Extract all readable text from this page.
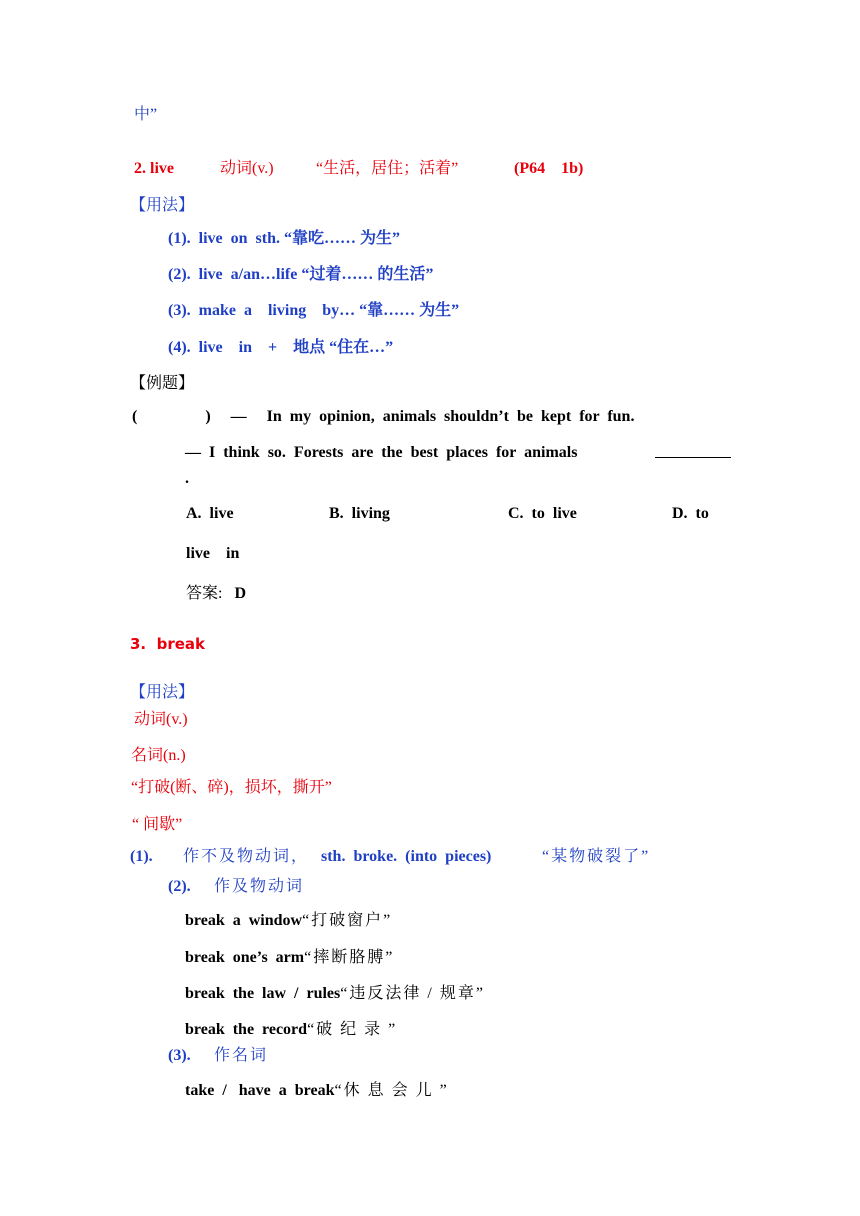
中”
2. live	动词(v.)	“生活，居住；活着”	(P64    1b)
【用法】
(1).  live  on  sth. “靠吃…… 为生”
(2).  live  a/an…life “过着…… 的生活”
(3).  make  a    living    by… “靠…… 为生”
(4).  live    in    +    地点 “住在…”
【例题】
(                 )     —     In  my  opinion,  animals  shouldn’t  be  kept  for  fun.
— I think so. Forests are the best places for animals
.
A.  live	B.  living	C.  to  live	D.  to
live    in
答案: D
3.  break
【用法】
动词(v.)
名词(n.)
“打破(断、碎)，损坏，撕开”
“ 间歇”
(1). 作不及物动词， sth.  broke.  (into  pieces)	“某物破裂了”
(2). 作及物动词
break  a  window“打破窗户”
break  one’s  arm“摔断胳膊”
break  the  law  /  rules“违反法律 / 规章”
break  the  record“破 纪 录 ”
(3). 作名词
take  /   have  a  break“休 息 会 儿 ”
